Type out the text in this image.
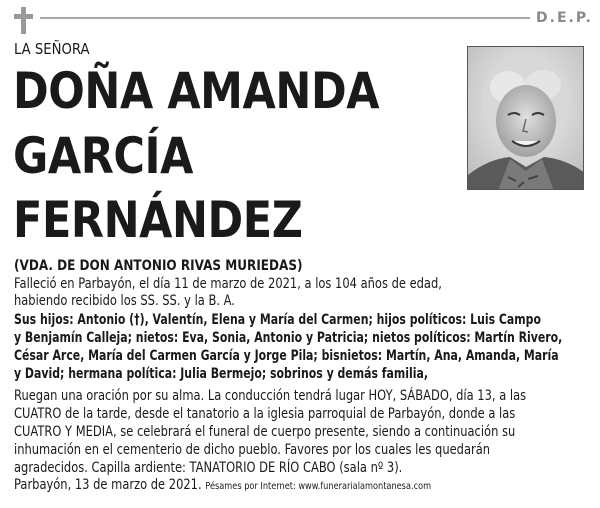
D.E.P.
LA SEÑORA
DOÑA AMANDA
GARCÍA
FERNÁNDEZ
(VDA. DE DON ANTONIO RIVAS MURIEDAS)
Falleció en Parbayón, el día 11 de marzo de 2021, a los 104 años de edad,
habiendo recibido los SS. SS. y la B. A.
Sus hijos: Antonio (†), Valentín, Elena y María del Carmen; hijos políticos: Luis Campo
y Benjamín Calleja; nietos: Eva, Sonia, Antonio y Patricia; nietos políticos: Martín Rivero,
César Arce, María del Carmen García y Jorge Pila; bisnietos: Martín, Ana, Amanda, María
y David; hermana política: Julia Bermejo; sobrinos y demás familia,
Ruegan una oración por su alma. La conducción tendrá lugar HOY, SÁBADO, día 13, a las
CUATRO de la tarde, desde el tanatorio a la iglesia parroquial de Parbayón, donde a las
CUATRO Y MEDIA, se celebrará el funeral de cuerpo presente, siendo a continuación su
inhumación en el cementerio de dicho pueblo. Favores por los cuales les quedarán
agradecidos. Capilla ardiente: TANATORIO DE RÍO CABO (sala nº 3).
Parbayón, 13 de marzo de 2021. Pésames por Internet: www.funerarialamontanesa.com
